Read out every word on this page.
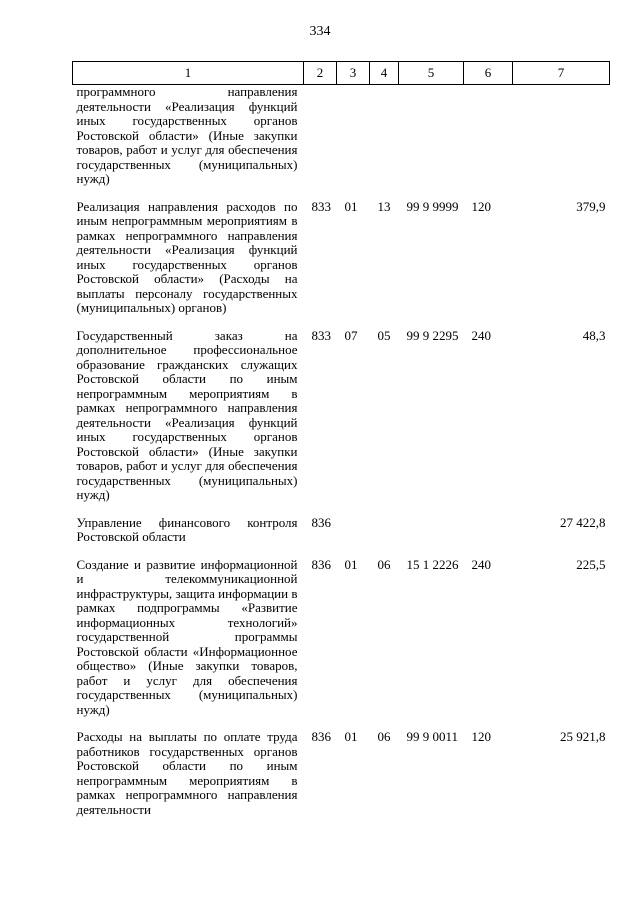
334
1	2	3	4	5	6	7
программного направления деятельности «Реализация функций иных государственных органов Ростовской области» (Иные закупки товаров, работ и услуг для обеспечения государственных (муниципальных) нужд)						
Реализация направления расходов по иным непрограммным мероприятиям в рамках непрограммного направления деятельности «Реализация функций иных государственных органов Ростовской области» (Расходы на выплаты персоналу государственных (муниципальных) органов)	833	01	13	99 9 9999	120	379,9
Государственный заказ на дополнительное профессиональное образование гражданских служащих Ростовской области по иным непрограммным мероприятиям в рамках непрограммного направления деятельности «Реализация функций иных государственных органов Ростовской области» (Иные закупки товаров, работ и услуг для обеспечения государственных (муниципальных) нужд)	833	07	05	99 9 2295	240	48,3
Управление финансового контроля Ростовской области	836					27 422,8
Создание и развитие информационной и телекоммуникационной инфраструктуры, защита информации в рамках подпрограммы «Развитие информационных технологий» государственной программы Ростовской области «Информационное общество» (Иные закупки товаров, работ и услуг для обеспечения государственных (муниципальных) нужд)	836	01	06	15 1 2226	240	225,5
Расходы на выплаты по оплате труда работников государственных органов Ростовской области по иным непрограммным мероприятиям в рамках непрограммного направления деятельности	836	01	06	99 9 0011	120	25 921,8
